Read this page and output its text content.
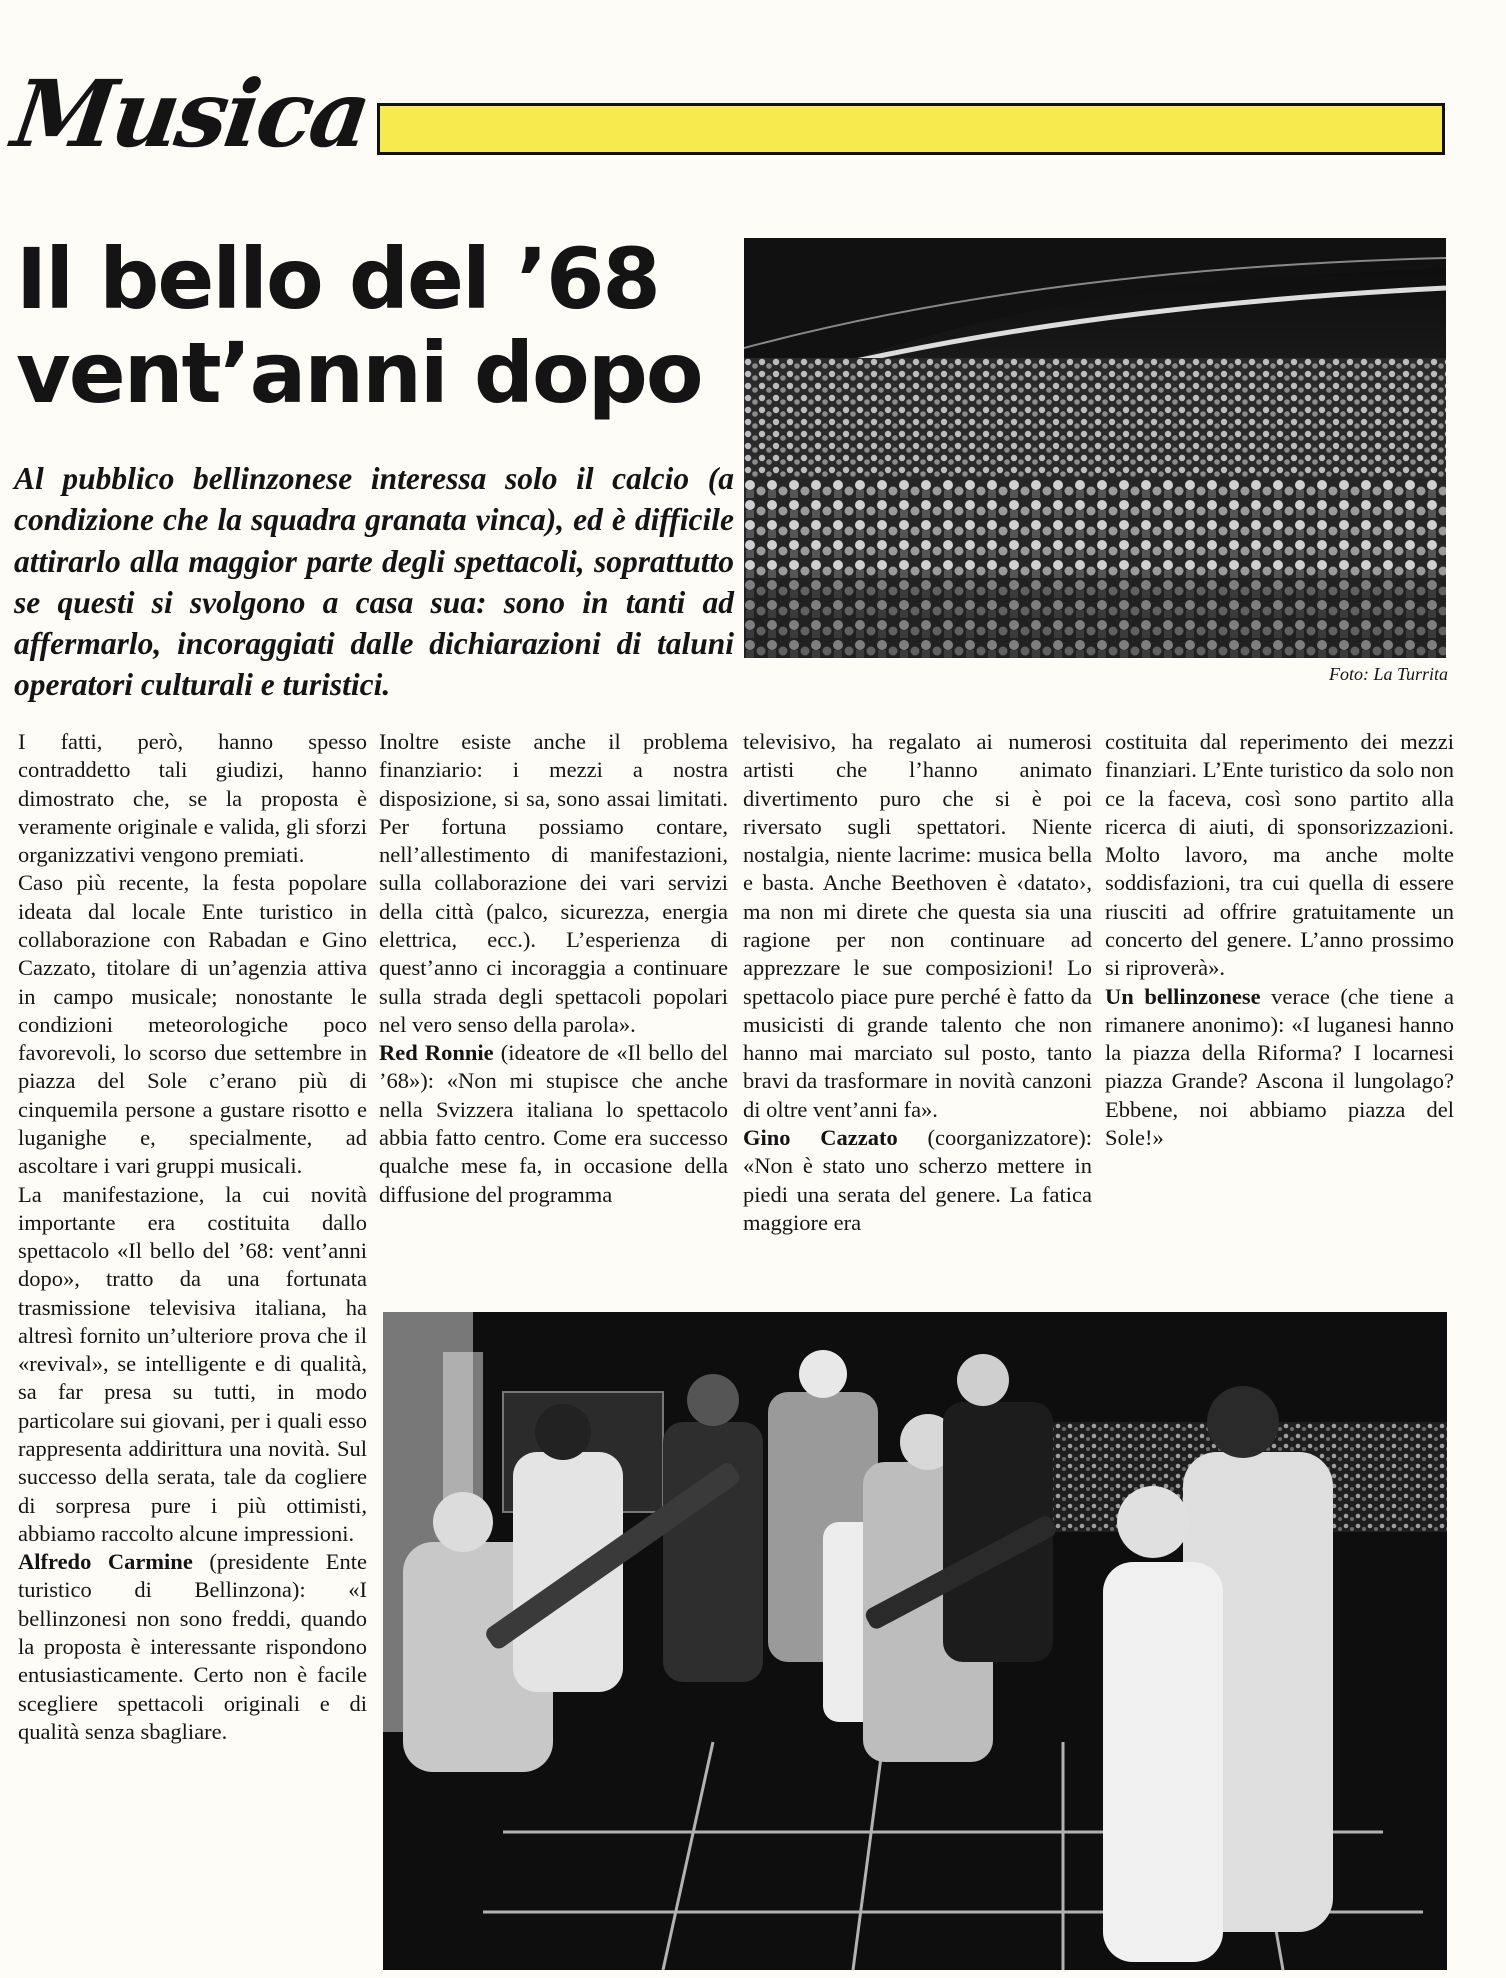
Musica
Il bello del ’68
vent’anni dopo
Al pubblico bellinzonese interessa solo il calcio (a condizione che la squadra granata vinca), ed è difficile attirarlo alla maggior parte degli spettacoli, soprattutto se questi si svolgono a casa sua: sono in tanti ad affermarlo, incoraggiati dalle dichiarazioni di taluni operatori culturali e turistici.	Foto: La Turrita

I fatti, però, hanno spesso contraddetto tali giudizi, hanno dimostrato che, se la proposta è veramente originale e valida, gli sforzi organizzativi vengono premiati.

Caso più recente, la festa popolare ideata dal locale Ente turistico in collaborazione con Rabadan e Gino Cazzato, titolare di un’agenzia attiva in campo musicale; nonostante le condizioni meteorologiche poco favorevoli, lo scorso due settembre in piazza del Sole c’erano più di cinquemila persone a gustare risotto e luganighe e, specialmente, ad ascoltare i vari gruppi musicali.

La manifestazione, la cui novità importante era costituita dallo spettacolo «Il bello del ’68: vent’anni dopo», tratto da una fortunata trasmissione televisiva italiana, ha altresì fornito un’ulteriore prova che il «revival», se intelligente e di qualità, sa far presa su tutti, in modo particolare sui giovani, per i quali esso rappresenta addirittura una novità. Sul successo della serata, tale da cogliere di sorpresa pure i più ottimisti, abbiamo raccolto alcune impressioni.

Alfredo Carmine (presidente Ente turistico di Bellinzona): «I bellinzonesi non sono freddi, quando la proposta è interessante rispondono entusiasticamente. Certo non è facile scegliere spettacoli originali e di qualità senza sbagliare.

Inoltre esiste anche il problema finanziario: i mezzi a nostra disposizione, si sa, sono assai limitati. Per fortuna possiamo contare, nell’allestimento di manifestazioni, sulla collaborazione dei vari servizi della città (palco, sicurezza, energia elettrica, ecc.). L’esperienza di quest’anno ci incoraggia a continuare sulla strada degli spettacoli popolari nel vero senso della parola».

Red Ronnie (ideatore de «Il bello del ’68»): «Non mi stupisce che anche nella Svizzera italiana lo spettacolo abbia fatto centro. Come era successo qualche mese fa, in occasione della diffusione del programma

televisivo, ha regalato ai numerosi artisti che l’hanno animato divertimento puro che si è poi riversato sugli spettatori. Niente nostalgia, niente lacrime: musica bella e basta. Anche Beethoven è ‹datato›, ma non mi direte che questa sia una ragione per non continuare ad apprezzare le sue composizioni! Lo spettacolo piace pure perché è fatto da musicisti di grande talento che non hanno mai marciato sul posto, tanto bravi da trasformare in novità canzoni di oltre vent’anni fa».

Gino Cazzato (coorganizzatore): «Non è stato uno scherzo mettere in piedi una serata del genere. La fatica maggiore era

costituita dal reperimento dei mezzi finanziari. L’Ente turistico da solo non ce la faceva, così sono partito alla ricerca di aiuti, di sponsorizzazioni. Molto lavoro, ma anche molte soddisfazioni, tra cui quella di essere riusciti ad offrire gratuitamente un concerto del genere. L’anno prossimo si riproverà».

Un bellinzonese verace (che tiene a rimanere anonimo): «I luganesi hanno la piazza della Riforma? I locarnesi piazza Grande? Ascona il lungolago? Ebbene, noi abbiamo piazza del Sole!»
